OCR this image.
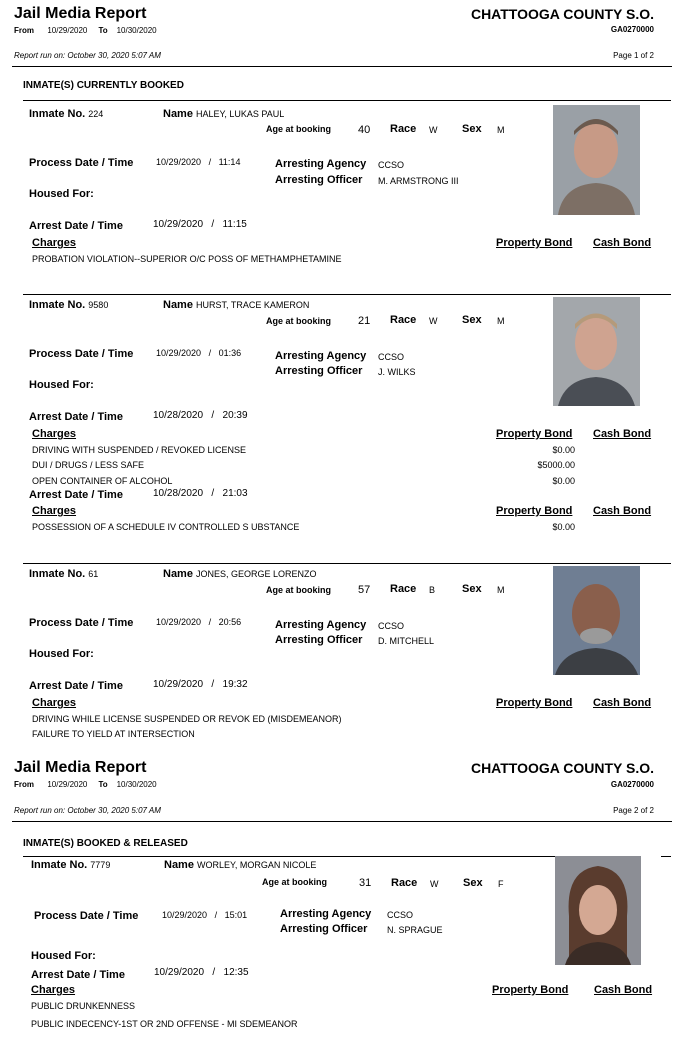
Jail Media Report	CHATTOOGA COUNTY S.O.
GA0270000
From 10/29/2020 To 10/30/2020
Report run on: October 30, 2020 5:07 AM	Page 1 of 2
INMATE(S) CURRENTLY BOOKED
Inmate No. 224	Name HALEY, LUKAS PAUL
Age at booking 40 Race W Sex M
Process Date / Time	10/29/2020 / 11:14	Arresting Agency CCSO
Arresting Officer M. ARMSTRONG III
Housed For:
Arrest Date / Time	10/29/2020 / 11:15
Charges	Property Bond Cash Bond
PROBATION VIOLATION--SUPERIOR O/C POSS OF METHAMPHETAMINE
Inmate No. 9580	Name HURST, TRACE KAMERON
Age at booking 21 Race W Sex M
Process Date / Time	10/29/2020 / 01:36	Arresting Agency CCSO
Arresting Officer J. WILKS
Housed For:
Arrest Date / Time	10/28/2020 / 20:39
Charges	Property Bond Cash Bond
DRIVING WITH SUSPENDED / REVOKED LICENSE	$0.00
DUI / DRUGS / LESS SAFE	$5000.00
OPEN CONTAINER OF ALCOHOL	$0.00
Arrest Date / Time	10/28/2020 / 21:03
Charges	Property Bond Cash Bond
POSSESSION OF A SCHEDULE IV CONTROLLED S UBSTANCE	$0.00
Inmate No. 61	Name JONES, GEORGE LORENZO
Age at booking 57 Race B Sex M
Process Date / Time	10/29/2020 / 20:56	Arresting Agency CCSO
Arresting Officer D. MITCHELL
Housed For:
Arrest Date / Time	10/29/2020 / 19:32
Charges	Property Bond Cash Bond
DRIVING WHILE LICENSE SUSPENDED OR REVOK ED (MISDEMEANOR)
FAILURE TO YIELD AT INTERSECTION
Jail Media Report	CHATTOOGA COUNTY S.O.
GA0270000
From 10/29/2020 To 10/30/2020
Report run on: October 30, 2020 5:07 AM	Page 2 of 2
INMATE(S) BOOKED & RELEASED
Inmate No. 7779	Name WORLEY, MORGAN NICOLE
Age at booking	31 Race W Sex F
Process Date / Time	10/29/2020 / 15:01	Arresting Agency CCSO
Arresting Officer N. SPRAGUE
Housed For:
Arrest Date / Time	10/29/2020 / 12:35
Charges	Property Bond Cash Bond
PUBLIC DRUNKENNESS
PUBLIC INDECENCY-1ST OR 2ND OFFENSE - MI SDEMEANOR
